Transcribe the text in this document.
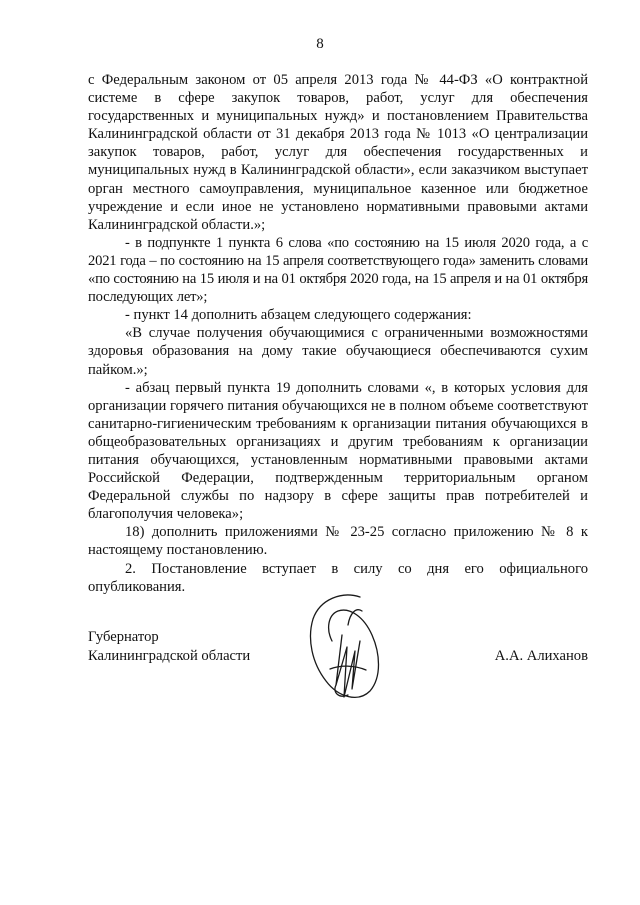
8

с Федеральным законом от 05 апреля 2013 года № 44-ФЗ «О контрактной системе в сфере закупок товаров, работ, услуг для обеспечения государственных и муниципальных нужд» и постановлением Правительства Калининградской области от 31 декабря 2013 года № 1013 «О централизации закупок товаров, работ, услуг для обеспечения государственных и муниципальных нужд в Калининградской области», если заказчиком выступает орган местного самоуправления, муниципальное казенное или бюджетное учреждение и если иное не установлено нормативными правовыми актами Калининградской области.»;

- в подпункте 1 пункта 6 слова «по состоянию на 15 июля 2020 года, а с 2021 года – по состоянию на 15 апреля соответствующего года» заменить словами «по состоянию на 15 июля и на 01 октября 2020 года, на 15 апреля и на 01 октября последующих лет»;

- пункт 14 дополнить абзацем следующего содержания:

«В случае получения обучающимися с ограниченными возможностями здоровья образования на дому такие обучающиеся обеспечиваются сухим пайком.»;

- абзац первый пункта 19 дополнить словами «, в которых условия для организации горячего питания обучающихся не в полном объеме соответствуют санитарно-гигиеническим требованиям к организации питания обучающихся в общеобразовательных организациях и другим требованиям к организации питания обучающихся, установленным нормативными правовыми актами Российской Федерации, подтвержденным территориальным органом Федеральной службы по надзору в сфере защиты прав потребителей и благополучия человека»;

18) дополнить приложениями № 23-25 согласно приложению № 8 к настоящему постановлению.

2. Постановление вступает в силу со дня его официального опубликования.

Губернатор
Калининградской области	А.А. Алиханов
